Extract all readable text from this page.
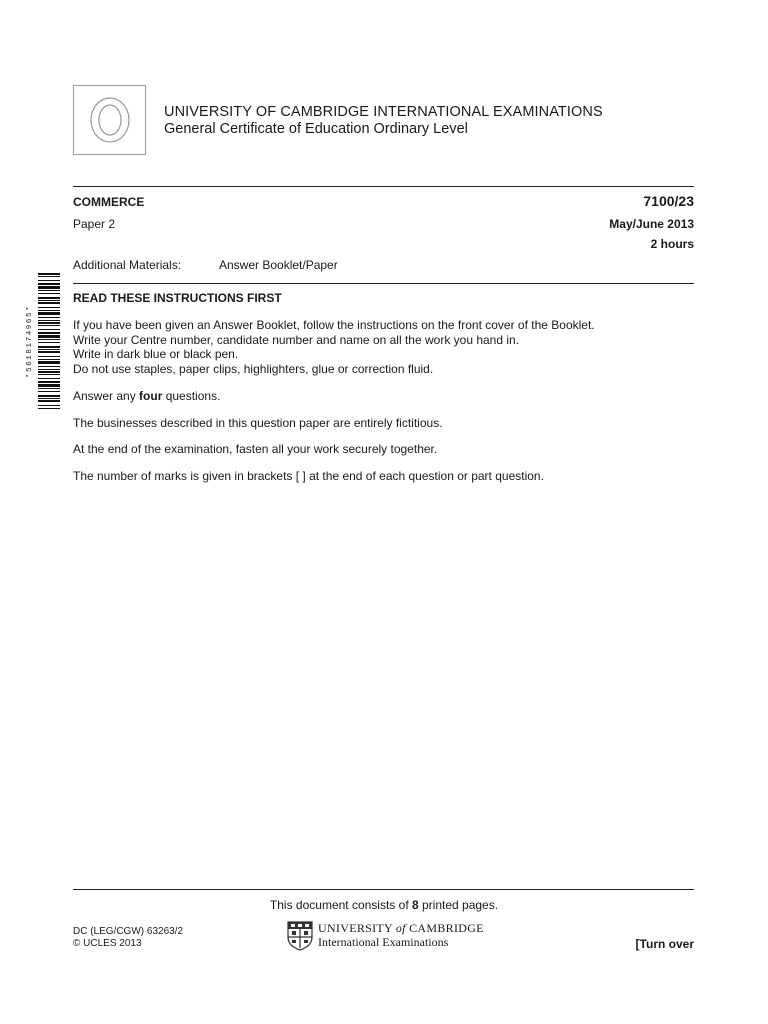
UNIVERSITY OF CAMBRIDGE INTERNATIONAL EXAMINATIONS
General Certificate of Education Ordinary Level
COMMERCE	7100/23
Paper 2	May/June 2013
2 hours
Additional Materials:	Answer Booklet/Paper
*5618174965*
READ THESE INSTRUCTIONS FIRST
If you have been given an Answer Booklet, follow the instructions on the front cover of the Booklet.
Write your Centre number, candidate number and name on all the work you hand in.
Write in dark blue or black pen.
Do not use staples, paper clips, highlighters, glue or correction fluid.
Answer any four questions.
The businesses described in this question paper are entirely fictitious.
At the end of the examination, fasten all your work securely together.
The number of marks is given in brackets [ ] at the end of each question or part question.
This document consists of 8 printed pages.
DC (LEG/CGW) 63263/2
© UCLES 2013
UNIVERSITY of CAMBRIDGE
International Examinations	[Turn over
